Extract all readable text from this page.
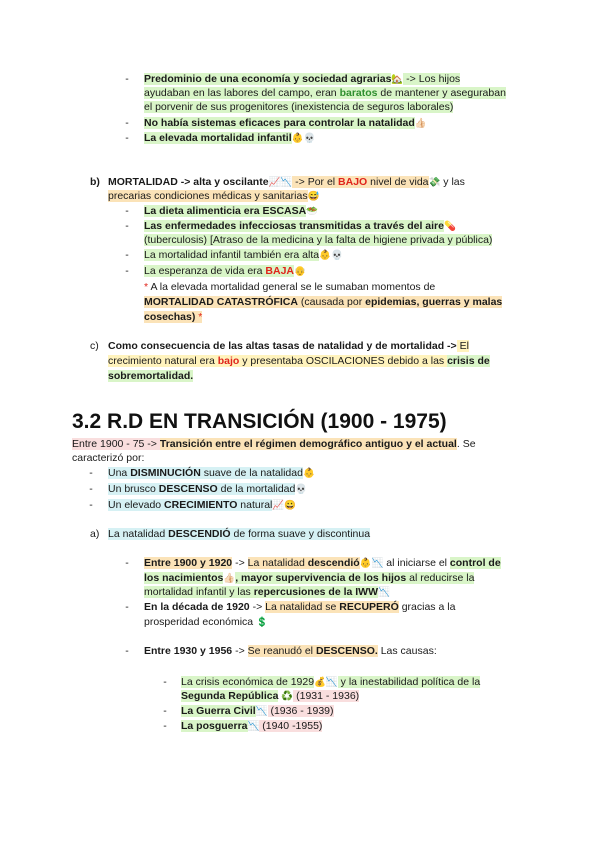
-	Predominio de una economía y sociedad agrarias🏡 -> Los hijos
ayudaban en las labores del campo, eran baratos de mantener y aseguraban
el porvenir de sus progenitores (inexistencia de seguros laborales)
-	No había sistemas eficaces para controlar la natalidad👍🏻
-	La elevada mortalidad infantil👶💀
b) MORTALIDAD -> alta y oscilante📈📉 -> Por el BAJO nivel de vida💸 y las
precarias condiciones médicas y sanitarias😅
-	La dieta alimenticia era ESCASA🥗
-	Las enfermedades infecciosas transmitidas a través del aire💊
(tuberculosis) [Atraso de la medicina y la falta de higiene privada y pública)
-	La mortalidad infantil también era alta👶💀
-	La esperanza de vida era BAJA👴
* A la elevada mortalidad general se le sumaban momentos de
MORTALIDAD CATASTRÓFICA (causada por epidemias, guerras y malas
cosechas) *
c) Como consecuencia de las altas tasas de natalidad y de mortalidad -> El
crecimiento natural era bajo y presentaba OSCILACIONES debido a las crisis de
sobremortalidad.
3.2 R.D EN TRANSICIÓN (1900 - 1975)
Entre 1900 - 75 -> Transición entre el régimen demográfico antiguo y el actual. Se
caracterizó por:
-	Una DISMINUCIÓN suave de la natalidad👶
-	Un brusco DESCENSO de la mortalidad💀
-	Un elevado CRECIMIENTO natural📈😀
a) La natalidad DESCENDIÓ de forma suave y discontinua
-	Entre 1900 y 1920 -> La natalidad descendió👶📉 al iniciarse el control de
los nacimientos👍🏻, mayor supervivencia de los hijos al reducirse la
mortalidad infantil y las repercusiones de la IWW📉
-	En la década de 1920 -> La natalidad se RECUPERÓ gracias a la
prosperidad económica 💲
-	Entre 1930 y 1956 -> Se reanudó el DESCENSO. Las causas:
-	La crisis económica de 1929💰📉 y la inestabilidad política de la
Segunda República ♻️ (1931 - 1936)
-	La Guerra Civil📉 (1936 - 1939)
-	La posguerra📉 (1940 -1955)
